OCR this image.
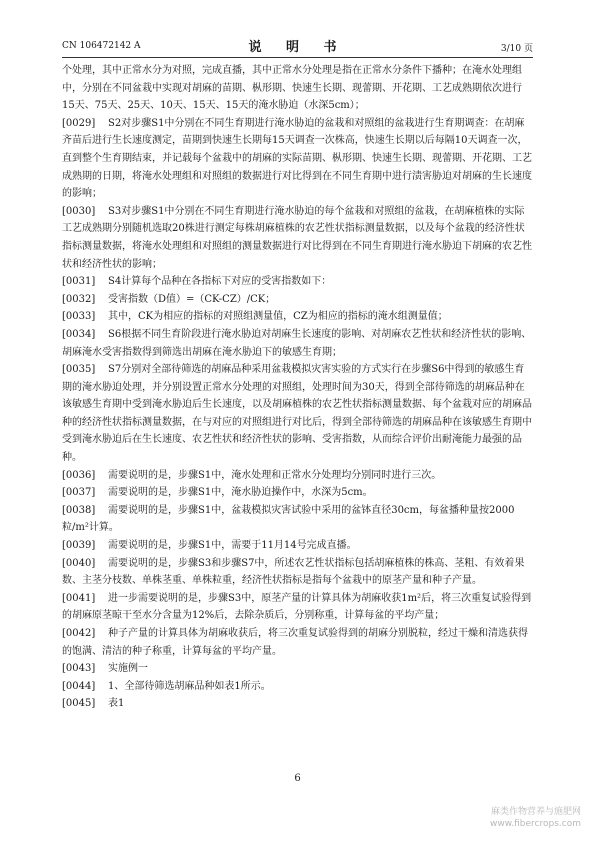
CN 106472142 A	说 明 书	3/10 页

个处理，其中正常水分为对照，完成直播，其中正常水分处理是指在正常水分条件下播种；在淹水处理组中，分别在不同盆栽中实现对胡麻的苗期、枞形期、快速生长期、现蕾期、开花期、工艺成熟期依次进行15天、75天、25天、10天、15天、15天的淹水胁迫（水深5cm）；

[0029] S2对步骤S1中分别在不同生育期进行淹水胁迫的盆栽和对照组的盆栽进行生育期调查：在胡麻齐苗后进行生长速度测定，苗期到快速生长期每15天调查一次株高，快速生长期以后每隔10天调查一次，直到整个生育期结束，并记载每个盆栽中的胡麻的实际苗期、枞形期、快速生长期、现蕾期、开花期、工艺成熟期的日期，将淹水处理组和对照组的数据进行对比得到在不同生育期中进行渍害胁迫对胡麻的生长速度的影响；

[0030] S3对步骤S1中分别在不同生育期进行淹水胁迫的每个盆栽和对照组的盆栽，在胡麻植株的实际工艺成熟期分别随机选取20株进行测定每株胡麻植株的农艺性状指标测量数据，以及每个盆栽的经济性状指标测量数据，将淹水处理组和对照组的测量数据进行对比得到在不同生育期进行淹水胁迫下胡麻的农艺性状和经济性状的影响；

[0031] S4计算每个品种在各指标下对应的受害指数如下：

[0032] 受害指数（D值）=（CK-CZ）/CK；

[0033] 其中，CK为相应的指标的对照组测量值，CZ为相应的指标的淹水组测量值；

[0034] S6根据不同生育阶段进行淹水胁迫对胡麻生长速度的影响、对胡麻农艺性状和经济性状的影响、胡麻淹水受害指数得到筛选出胡麻在淹水胁迫下的敏感生育期；

[0035] S7分别对全部待筛选的胡麻品种采用盆栽模拟灾害实验的方式实行在步骤S6中得到的敏感生育期的淹水胁迫处理，并分别设置正常水分处理的对照组，处理时间为30天，得到全部待筛选的胡麻品种在该敏感生育期中受到淹水胁迫后生长速度，以及胡麻植株的农艺性状指标测量数据、每个盆栽对应的胡麻品种的经济性状指标测量数据，在与对应的对照组进行对比后，得到全部待筛选的胡麻品种在该敏感生育期中受到淹水胁迫后在生长速度、农艺性状和经济性状的影响、受害指数，从而综合评价出耐淹能力最强的品种。

[0036] 需要说明的是，步骤S1中，淹水处理和正常水分处理均分别同时进行三次。

[0037] 需要说明的是，步骤S1中，淹水胁迫操作中，水深为5cm。

[0038] 需要说明的是，步骤S1中，盆栽模拟灾害试验中采用的盆钵直径30cm，每盆播种量按2000粒/m²计算。

[0039] 需要说明的是，步骤S1中，需要于11月14号完成直播。

[0040] 需要说明的是，步骤S3和步骤S7中，所述农艺性状指标包括胡麻植株的株高、茎粗、有效着果数、主茎分枝数、单株茎重、单株粒重，经济性状指标是指每个盆栽中的原茎产量和种子产量。

[0041] 进一步需要说明的是，步骤S3中，原茎产量的计算具体为胡麻收获1m²后，将三次重复试验得到的胡麻原茎晾干至水分含量为12%后，去除杂质后，分别称重，计算每盆的平均产量；

[0042] 种子产量的计算具体为胡麻收获后，将三次重复试验得到的胡麻分别脱粒，经过干燥和清选获得的饱满、清洁的种子称重，计算每盆的平均产量。

[0043] 实施例一

[0044] 1、全部待筛选胡麻品种如表1所示。

[0045] 表1

6
麻类作物营养与施肥网
www.fibercrops.com
